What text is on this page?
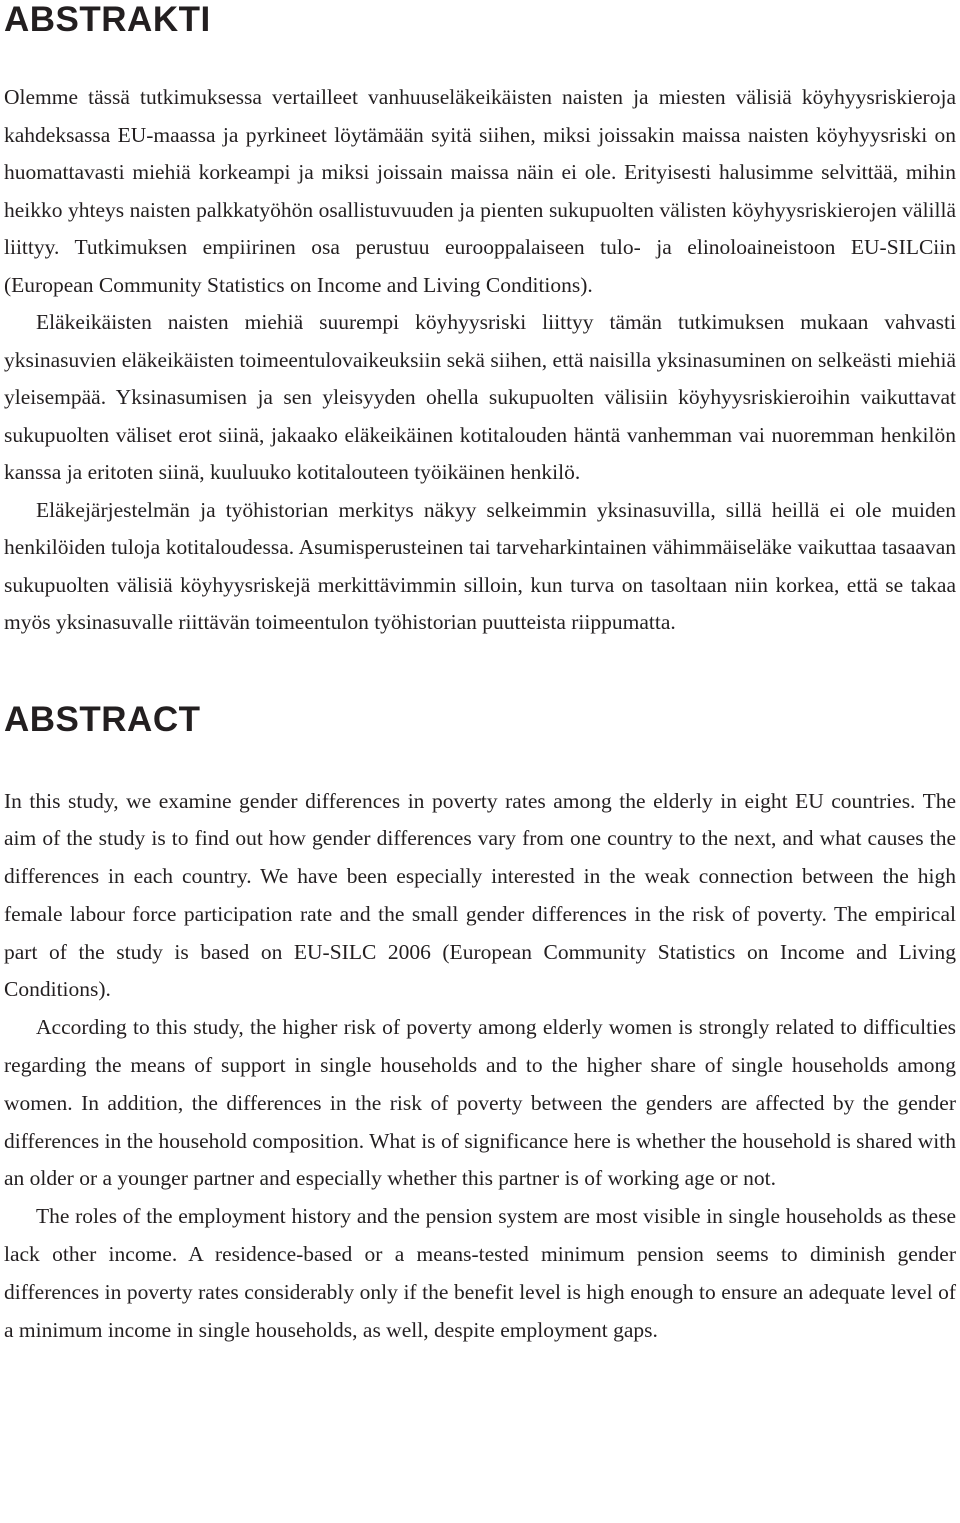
ABSTRAKTI

Olemme tässä tutkimuksessa vertailleet vanhuuseläkeikäisten naisten ja miesten välisiä köyhyysriskieroja kahdeksassa EU-maassa ja pyrkineet löytämään syitä siihen, miksi joissakin maissa naisten köyhyysriski on huomattavasti miehiä korkeampi ja miksi joissain maissa näin ei ole. Erityisesti halusimme selvittää, mihin heikko yhteys naisten palkkatyöhön osallistuvuuden ja pienten sukupuolten välisten köyhyysriskierojen välillä liittyy. Tutkimuksen empiirinen osa perustuu eurooppalaiseen tulo- ja elinoloaineistoon EU-SILCiin (European Community Statistics on Income and Living Conditions).

Eläkeikäisten naisten miehiä suurempi köyhyysriski liittyy tämän tutkimuksen mukaan vahvasti yksinasuvien eläkeikäisten toimeentulovaikeuksiin sekä siihen, että naisilla yksinasuminen on selkeästi miehiä yleisempää. Yksinasumisen ja sen yleisyyden ohella sukupuolten välisiin köyhyysriskieroihin vaikuttavat sukupuolten väliset erot siinä, jakaako eläkeikäinen kotitalouden häntä vanhemman vai nuoremman henkilön kanssa ja eritoten siinä, kuuluuko kotitalouteen työikäinen henkilö.

Eläkejärjestelmän ja työhistorian merkitys näkyy selkeimmin yksinasuvilla, sillä heillä ei ole muiden henkilöiden tuloja kotitaloudessa. Asumisperusteinen tai tarveharkintainen vähimmäiseläke vaikuttaa tasaavan sukupuolten välisiä köyhyysriskejä merkittävimmin silloin, kun turva on tasoltaan niin korkea, että se takaa myös yksinasuvalle riittävän toimeentulon työhistorian puutteista riippumatta.

ABSTRACT

In this study, we examine gender differences in poverty rates among the elderly in eight EU countries. The aim of the study is to find out how gender differences vary from one country to the next, and what causes the differences in each country. We have been especially interested in the weak connection between the high female labour force participation rate and the small gender differences in the risk of poverty. The empirical part of the study is based on EU-SILC 2006 (European Community Statistics on Income and Living Conditions).

According to this study, the higher risk of poverty among elderly women is strongly related to difficulties regarding the means of support in single households and to the higher share of single households among women. In addition, the differences in the risk of poverty between the genders are affected by the gender differences in the household composition. What is of significance here is whether the household is shared with an older or a younger partner and especially whether this partner is of working age or not.

The roles of the employment history and the pension system are most visible in single households as these lack other income. A residence-based or a means-tested minimum pension seems to diminish gender differences in poverty rates considerably only if the benefit level is high enough to ensure an adequate level of a minimum income in single households, as well, despite employment gaps.
